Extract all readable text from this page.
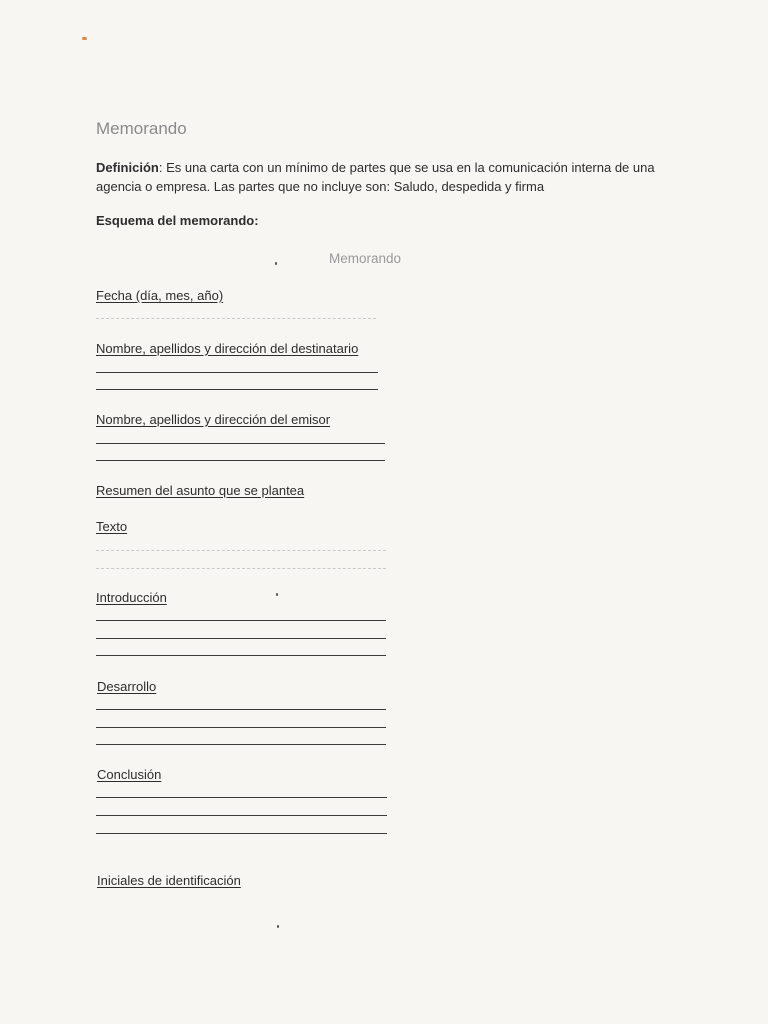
Memorando
Definición: Es una carta con un mínimo de partes que se usa en la comunicación interna de una agencia o empresa. Las partes que no incluye son: Saludo, despedida y firma
Esquema del memorando:
Memorando
Fecha (día, mes, año)
Nombre, apellidos y dirección del destinatario
Nombre, apellidos y dirección del emisor
Resumen del asunto que se plantea
Texto
Introducción
Desarrollo
Conclusión
Iniciales de identificación
